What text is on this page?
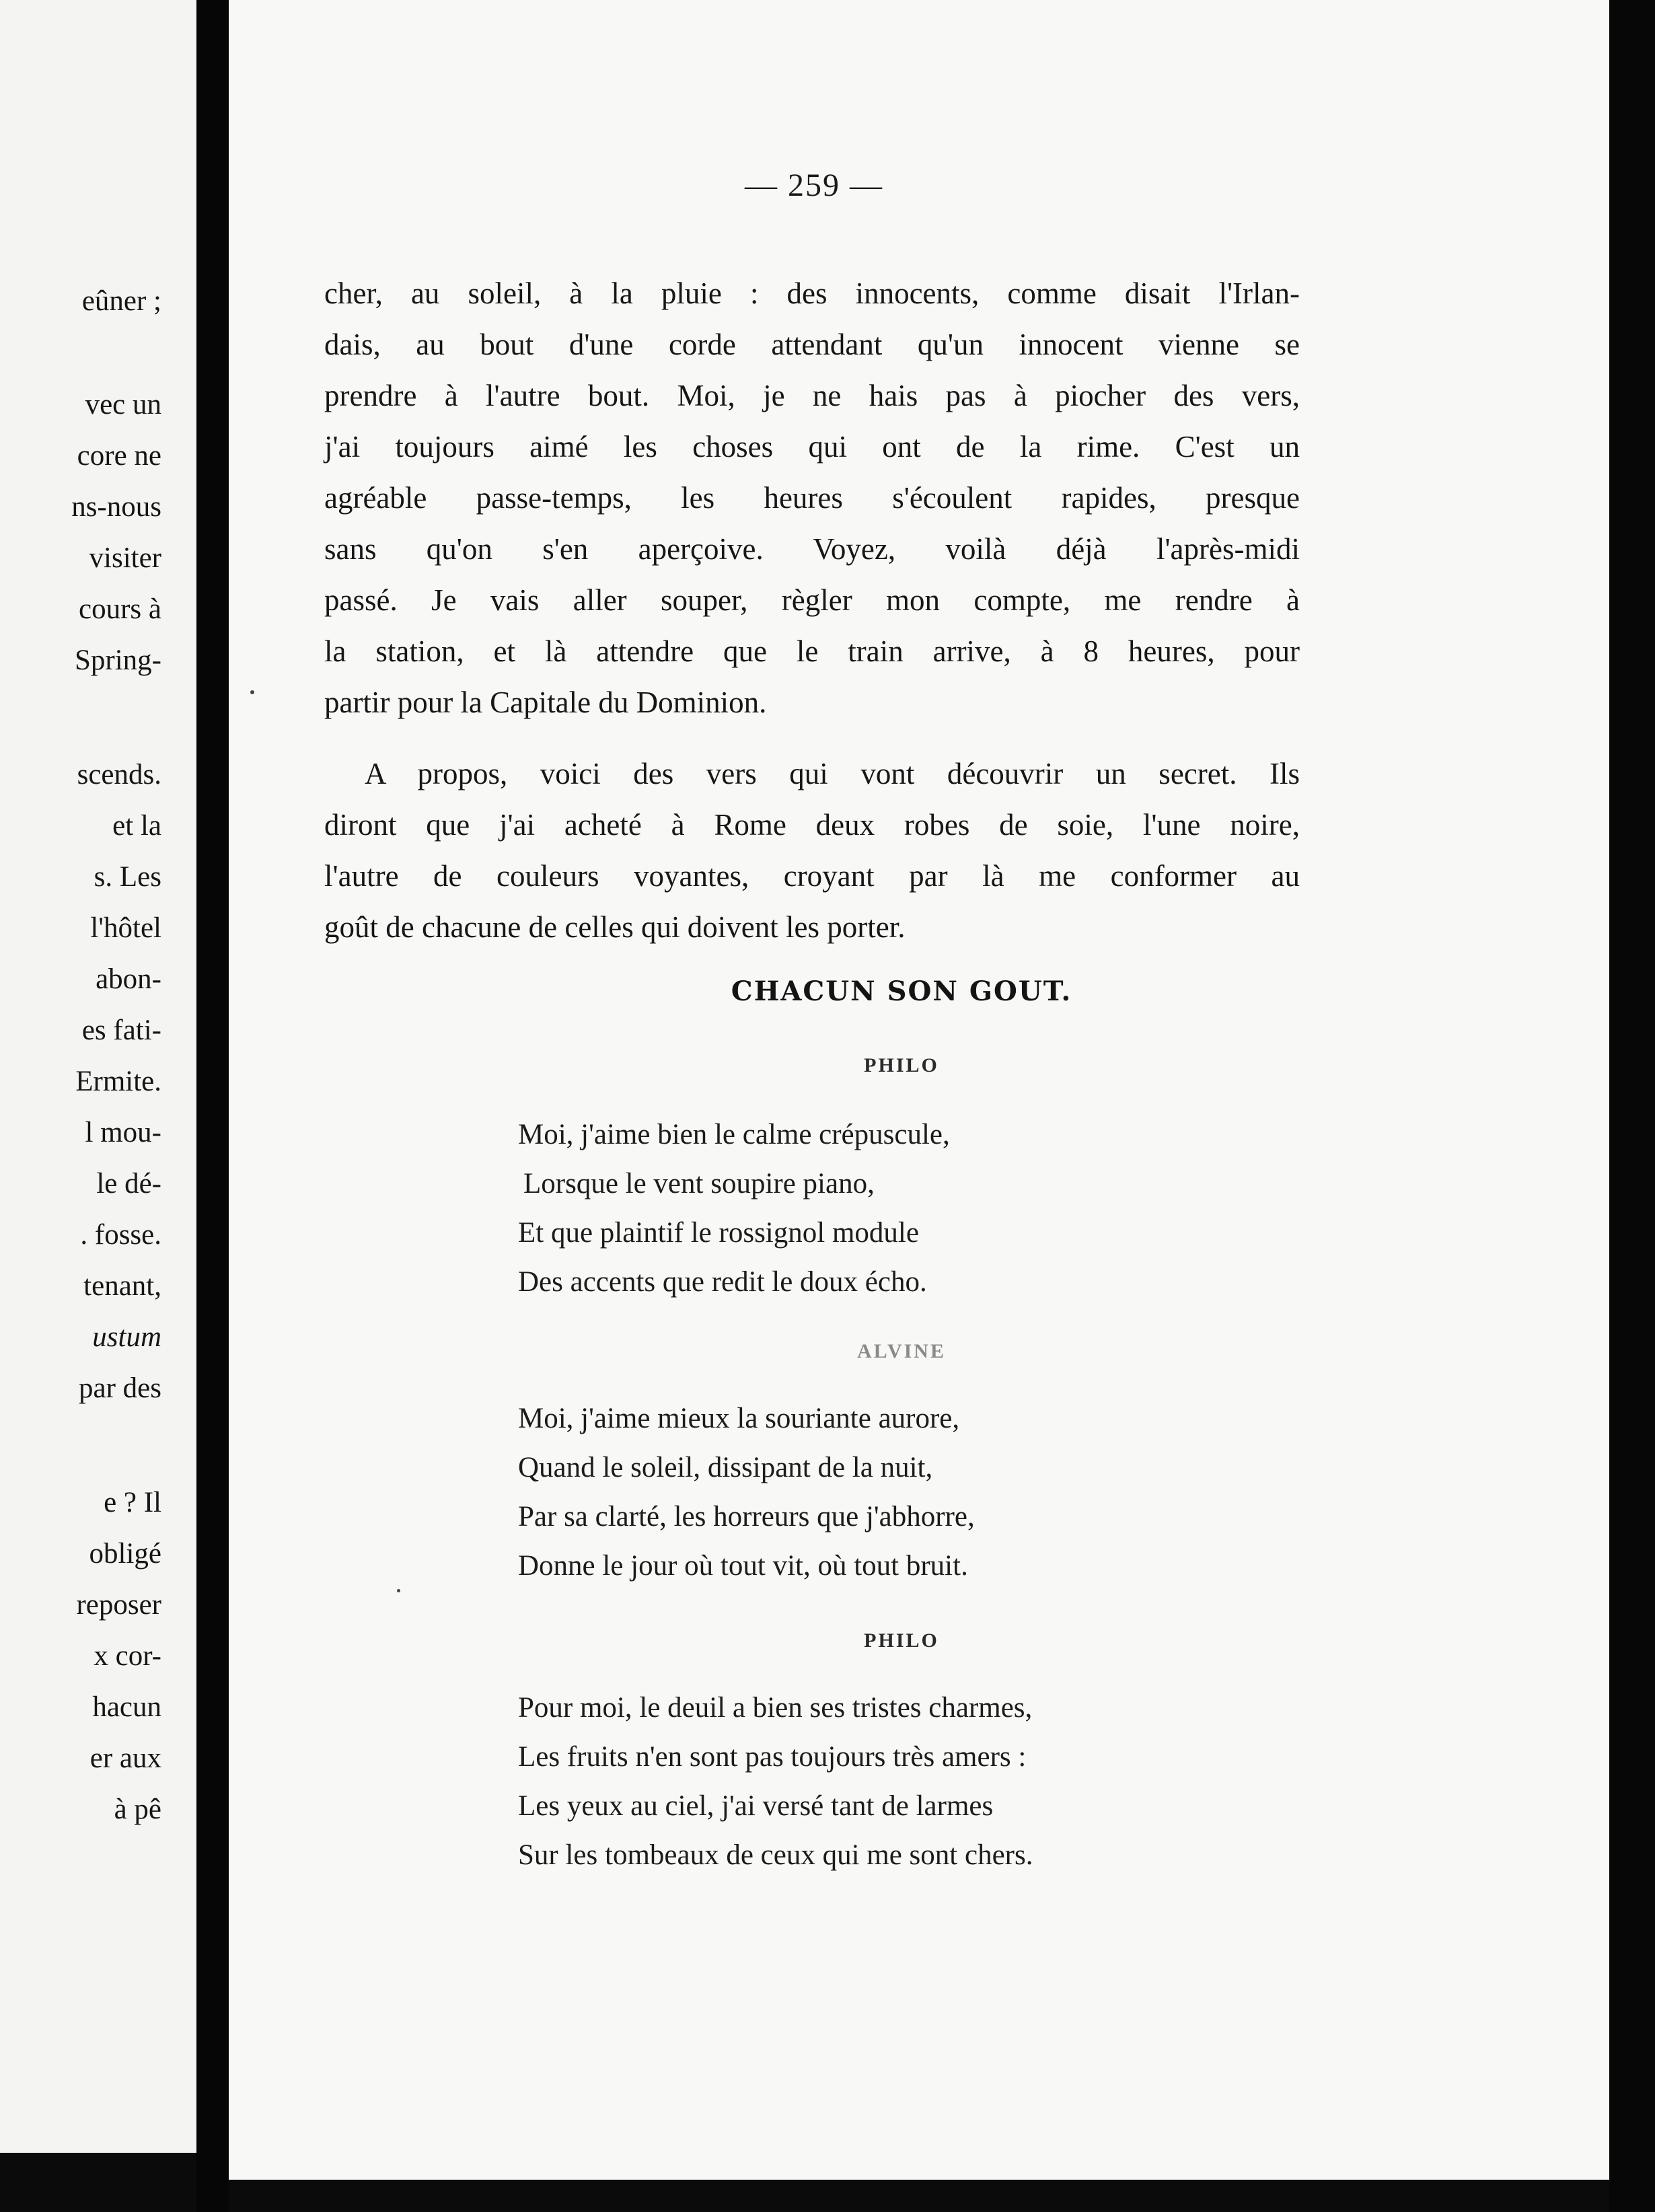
eûner ;
vec un
core ne
ns-nous
visiter
cours à
Spring-
scends.
et la
s. Les
l'hôtel
abon-
es fati-
Ermite.
l mou-
le dé-
. fosse.
tenant,
ustum
par des
e ? Il
obligé
reposer
x cor-
hacun
er aux
à pê
— 259 —
cher, au soleil, à la pluie : des innocents, comme disait l'Irlan-
dais, au bout d'une corde attendant qu'un innocent vienne se
prendre à l'autre bout. Moi, je ne hais pas à piocher des vers,
j'ai toujours aimé les choses qui ont de la rime. C'est un
agréable passe-temps, les heures s'écoulent rapides, presque
sans qu'on s'en aperçoive. Voyez, voilà déjà l'après-midi
passé. Je vais aller souper, règler mon compte, me rendre à
la station, et là attendre que le train arrive, à 8 heures, pour
partir pour la Capitale du Dominion.
A propos, voici des vers qui vont découvrir un secret. Ils
diront que j'ai acheté à Rome deux robes de soie, l'une noire,
l'autre de couleurs voyantes, croyant par là me conformer au
goût de chacune de celles qui doivent les porter.
CHACUN SON GOUT.
PHILO
Moi, j'aime bien le calme crépuscule,
Lorsque le vent soupire piano,
Et que plaintif le rossignol module
Des accents que redit le doux écho.
ALVINE
Moi, j'aime mieux la souriante aurore,
Quand le soleil, dissipant de la nuit,
Par sa clarté, les horreurs que j'abhorre,
Donne le jour où tout vit, où tout bruit.
PHILO
Pour moi, le deuil a bien ses tristes charmes,
Les fruits n'en sont pas toujours très amers :
Les yeux au ciel, j'ai versé tant de larmes
Sur les tombeaux de ceux qui me sont chers.
